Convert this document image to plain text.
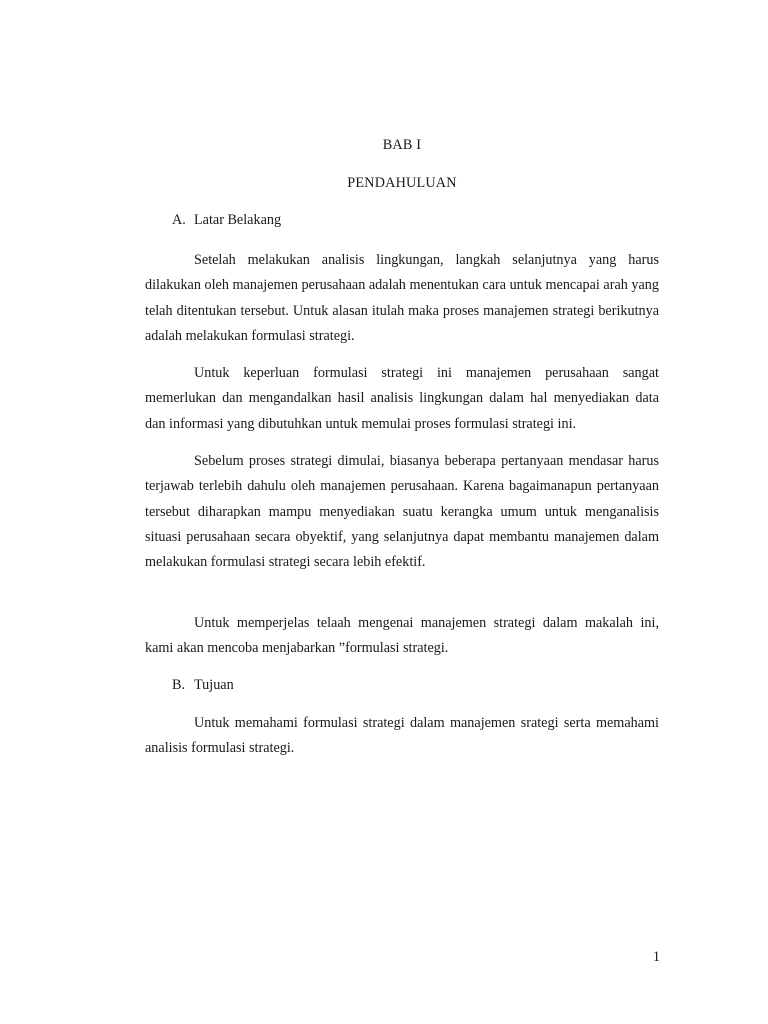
BAB I
PENDAHULUAN
A. Latar Belakang

Setelah melakukan analisis lingkungan, langkah selanjutnya yang harus dilakukan oleh manajemen perusahaan adalah menentukan cara untuk mencapai arah yang telah ditentukan tersebut. Untuk alasan itulah maka proses manajemen strategi berikutnya adalah melakukan formulasi strategi.

Untuk keperluan formulasi strategi ini manajemen perusahaan sangat memerlukan dan mengandalkan hasil analisis lingkungan dalam hal menyediakan data dan informasi yang dibutuhkan untuk memulai proses formulasi strategi ini.

Sebelum proses strategi dimulai, biasanya beberapa pertanyaan mendasar harus terjawab terlebih dahulu oleh manajemen perusahaan. Karena bagaimanapun pertanyaan tersebut diharapkan mampu menyediakan suatu kerangka umum untuk menganalisis situasi perusahaan secara obyektif, yang selanjutnya dapat membantu manajemen dalam melakukan formulasi strategi secara lebih efektif.

Untuk memperjelas telaah mengenai manajemen strategi dalam makalah ini, kami akan mencoba menjabarkan ”formulasi strategi.

B. Tujuan

Untuk memahami formulasi strategi dalam manajemen srategi serta memahami analisis formulasi strategi.

1
